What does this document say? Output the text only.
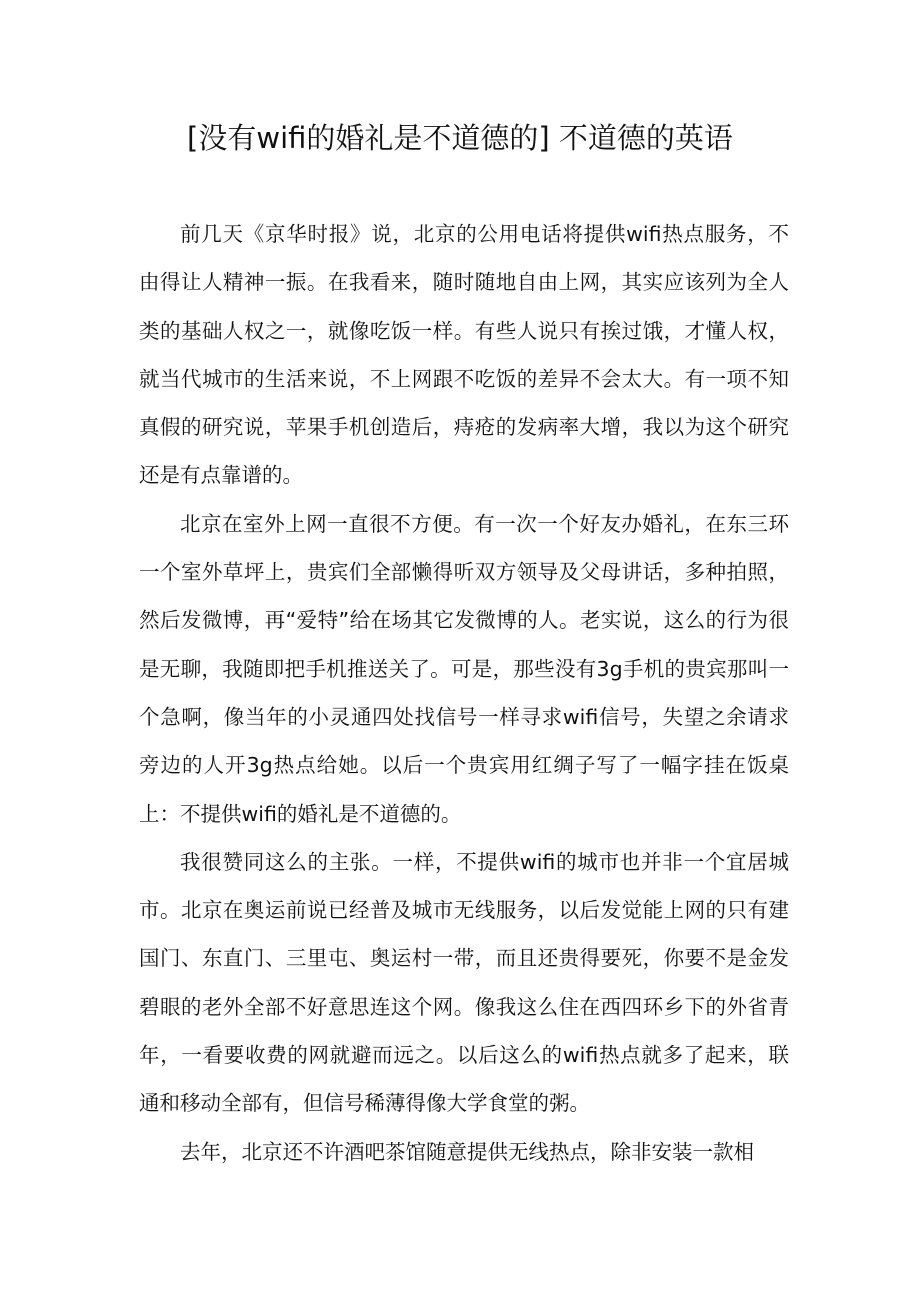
[没有wifi的婚礼是不道德的] 不道德的英语

前几天《京华时报》说，北京的公用电话将提供wifi热点服务，不由得让人精神一振。在我看来，随时随地自由上网，其实应该列为全人类的基础人权之一，就像吃饭一样。有些人说只有挨过饿，才懂人权，就当代城市的生活来说，不上网跟不吃饭的差异不会太大。有一项不知真假的研究说，苹果手机创造后，痔疮的发病率大增，我以为这个研究还是有点靠谱的。

北京在室外上网一直很不方便。有一次一个好友办婚礼，在东三环一个室外草坪上，贵宾们全部懒得听双方领导及父母讲话，多种拍照，然后发微博，再“爱特”给在场其它发微博的人。老实说，这么的行为很是无聊，我随即把手机推送关了。可是，那些没有3g手机的贵宾那叫一个急啊，像当年的小灵通四处找信号一样寻求wifi信号，失望之余请求旁边的人开3g热点给她。以后一个贵宾用红绸子写了一幅字挂在饭桌上：不提供wifi的婚礼是不道德的。

我很赞同这么的主张。一样，不提供wifi的城市也并非一个宜居城市。北京在奥运前说已经普及城市无线服务，以后发觉能上网的只有建国门、东直门、三里屯、奥运村一带，而且还贵得要死，你要不是金发碧眼的老外全部不好意思连这个网。像我这么住在西四环乡下的外省青年，一看要收费的网就避而远之。以后这么的wifi热点就多了起来，联通和移动全部有，但信号稀薄得像大学食堂的粥。

去年，北京还不许酒吧茶馆随意提供无线热点，除非安装一款相
